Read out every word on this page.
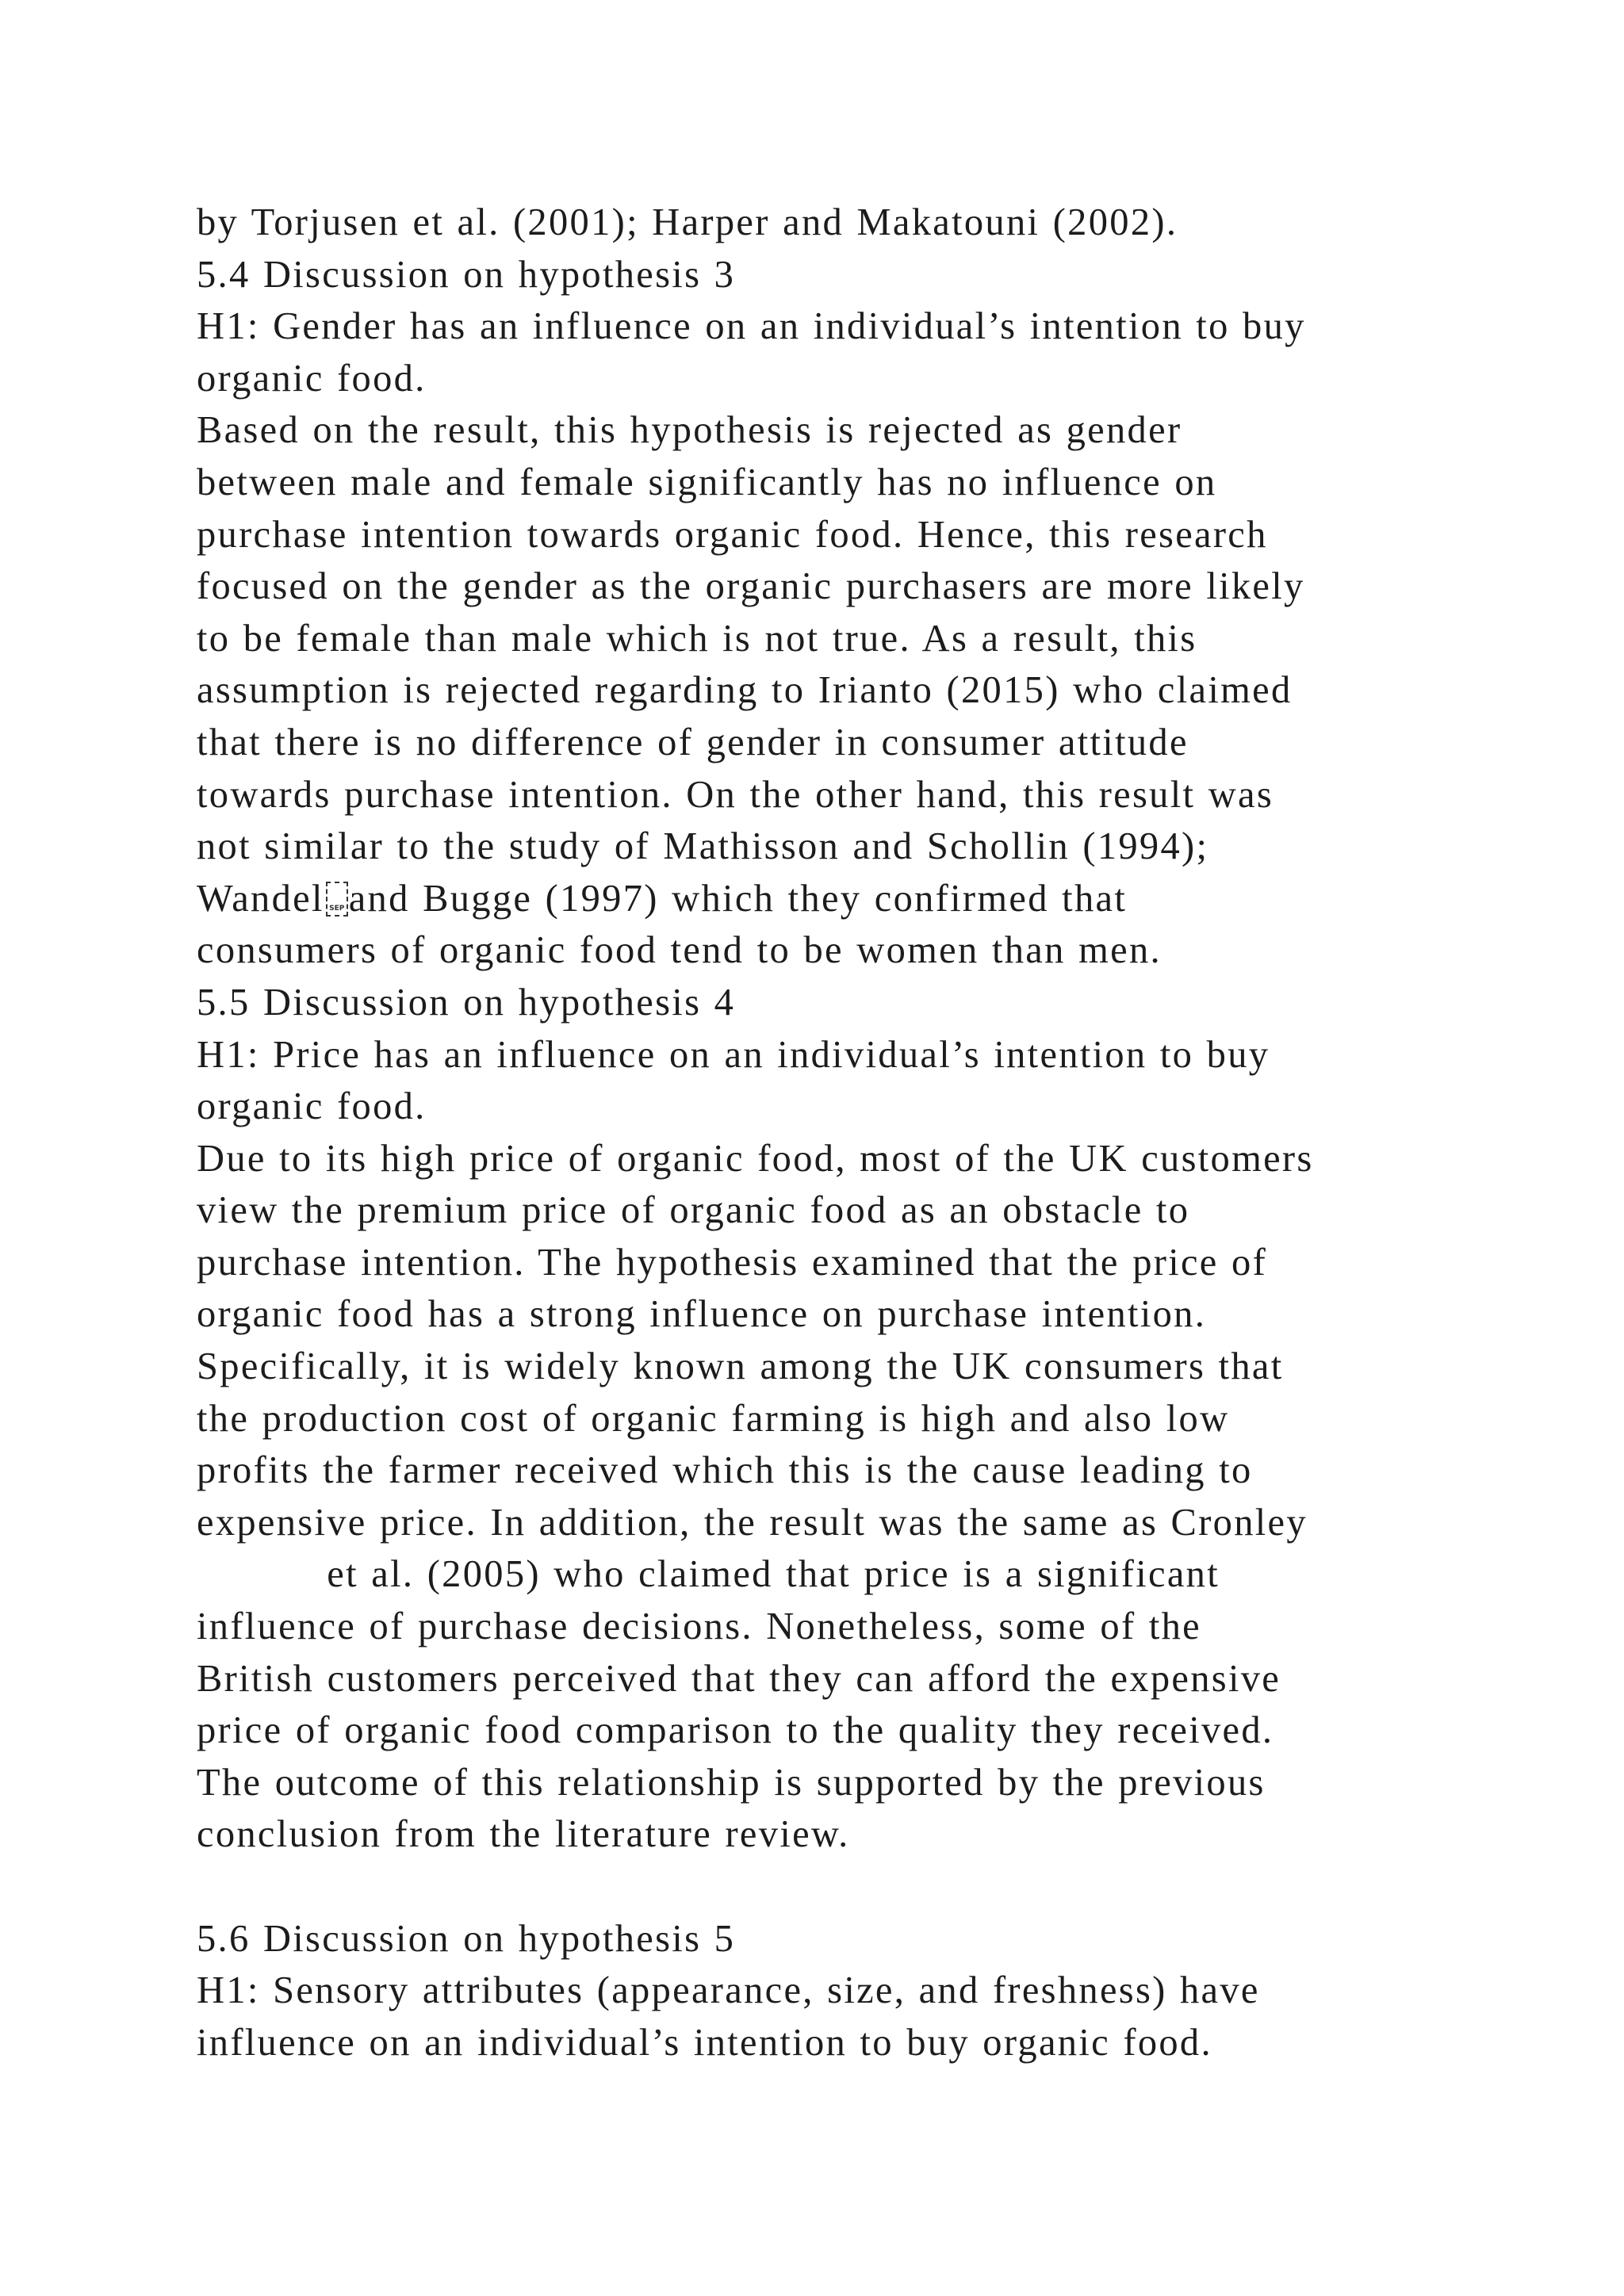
by Torjusen et al. (2001); Harper and Makatouni (2002).
5.4 Discussion on hypothesis 3
H1: Gender has an influence on an individual’s intention to buy
organic food.
Based on the result, this hypothesis is rejected as gender
between male and female significantly has no influence on
purchase intention towards organic food. Hence, this research
focused on the gender as the organic purchasers are more likely
to be female than male which is not true. As a result, this
assumption is rejected regarding to Irianto (2015) who claimed
that there is no difference of gender in consumer attitude
towards purchase intention. On the other hand, this result was
not similar to the study of Mathisson and Schollin (1994);
Wandel SEP and Bugge (1997) which they confirmed that
consumers of organic food tend to be women than men.
5.5 Discussion on hypothesis 4
H1: Price has an influence on an individual’s intention to buy
organic food.
Due to its high price of organic food, most of the UK customers
view the premium price of organic food as an obstacle to
purchase intention. The hypothesis examined that the price of
organic food has a strong influence on purchase intention.
Specifically, it is widely known among the UK consumers that
the production cost of organic farming is high and also low
profits the farmer received which this is the cause leading to
expensive price. In addition, the result was the same as Cronley
et al. (2005) who claimed that price is a significant
influence of purchase decisions. Nonetheless, some of the
British customers perceived that they can afford the expensive
price of organic food comparison to the quality they received.
The outcome of this relationship is supported by the previous
conclusion from the literature review.
5.6 Discussion on hypothesis 5
H1: Sensory attributes (appearance, size, and freshness) have
influence on an individual’s intention to buy organic food.
